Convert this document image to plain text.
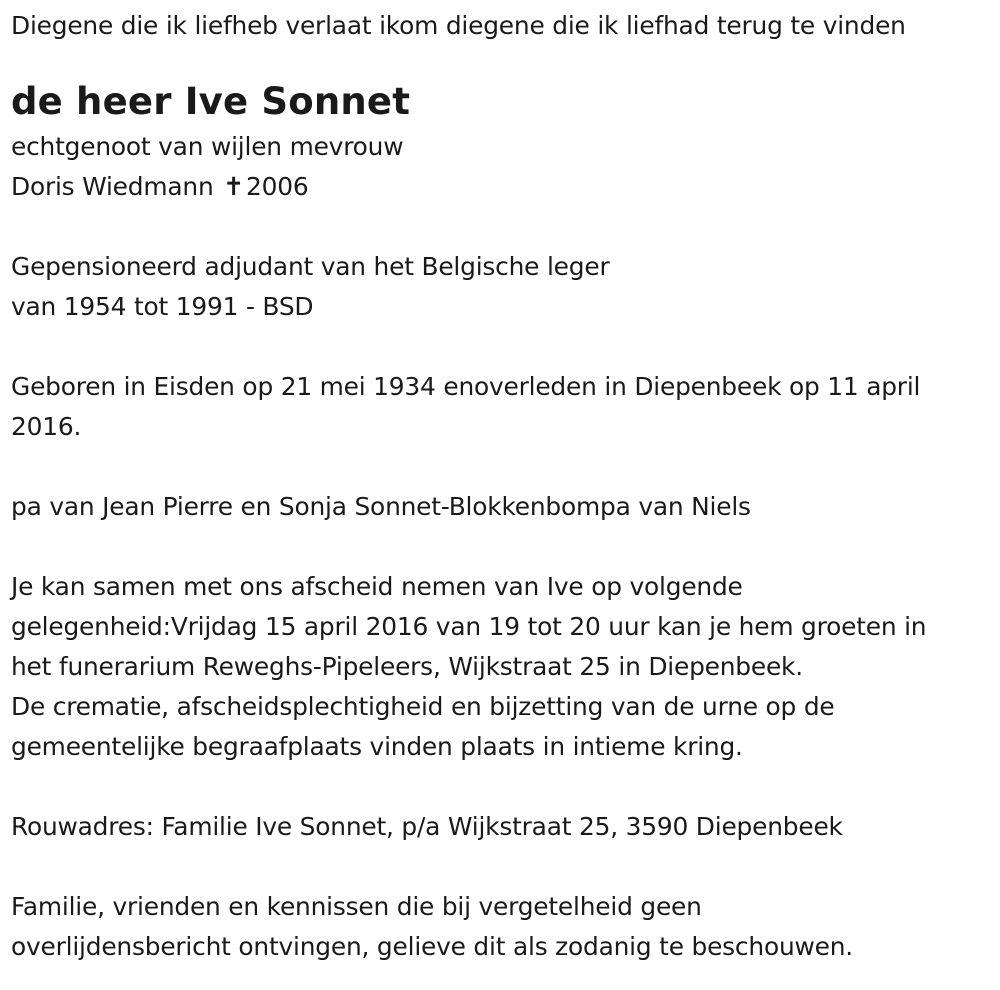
Diegene die ik liefheb verlaat ikom diegene die ik liefhad terug te vinden
de heer Ive Sonnet
echtgenoot van wijlen mevrouw
Doris Wiedmann ✝2006
Gepensioneerd adjudant van het Belgische leger
van 1954 tot 1991 - BSD
Geboren in Eisden op 21 mei 1934 enoverleden in Diepenbeek op 11 april
2016.
pa van Jean Pierre en Sonja Sonnet-Blokkenbompa van Niels
Je kan samen met ons afscheid nemen van Ive op volgende
gelegenheid:Vrijdag 15 april 2016 van 19 tot 20 uur kan je hem groeten in
het funerarium Reweghs-Pipeleers, Wijkstraat 25 in Diepenbeek.
De crematie, afscheidsplechtigheid en bijzetting van de urne op de
gemeentelijke begraafplaats vinden plaats in intieme kring.
Rouwadres: Familie Ive Sonnet, p/a Wijkstraat 25, 3590 Diepenbeek
Familie, vrienden en kennissen die bij vergetelheid geen
overlijdensbericht ontvingen, gelieve dit als zodanig te beschouwen.
